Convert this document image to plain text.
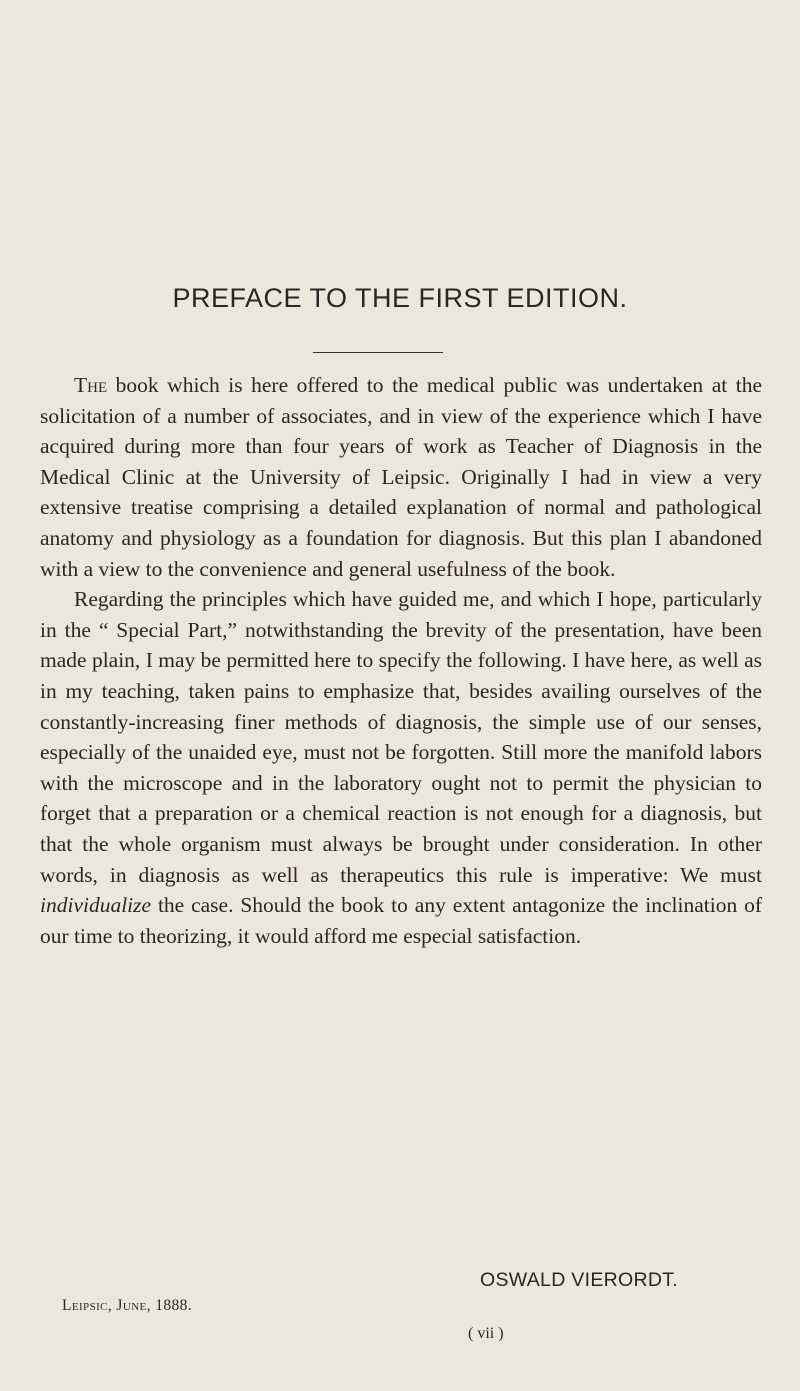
PREFACE TO THE FIRST EDITION.

The book which is here offered to the medical public was undertaken at the solicitation of a number of associates, and in view of the experience which I have acquired during more than four years of work as Teacher of Diagnosis in the Medical Clinic at the University of Leipsic. Originally I had in view a very extensive treatise comprising a detailed explanation of normal and pathological anatomy and physiology as a foundation for diagnosis. But this plan I abandoned with a view to the convenience and general usefulness of the book.

Regarding the principles which have guided me, and which I hope, particularly in the “ Special Part,” notwithstanding the brevity of the presentation, have been made plain, I may be permitted here to specify the following. I have here, as well as in my teaching, taken pains to emphasize that, besides availing ourselves of the constantly-increasing finer methods of diagnosis, the simple use of our senses, especially of the unaided eye, must not be forgotten. Still more the manifold labors with the microscope and in the laboratory ought not to permit the physician to forget that a preparation or a chemical reaction is not enough for a diagnosis, but that the whole organism must always be brought under consideration. In other words, in diagnosis as well as therapeutics this rule is imperative: We must individualize the case. Should the book to any extent antagonize the inclination of our time to theorizing, it would afford me especial satisfaction.

OSWALD VIERORDT.
Leipsic, June, 1888.
( vii )
